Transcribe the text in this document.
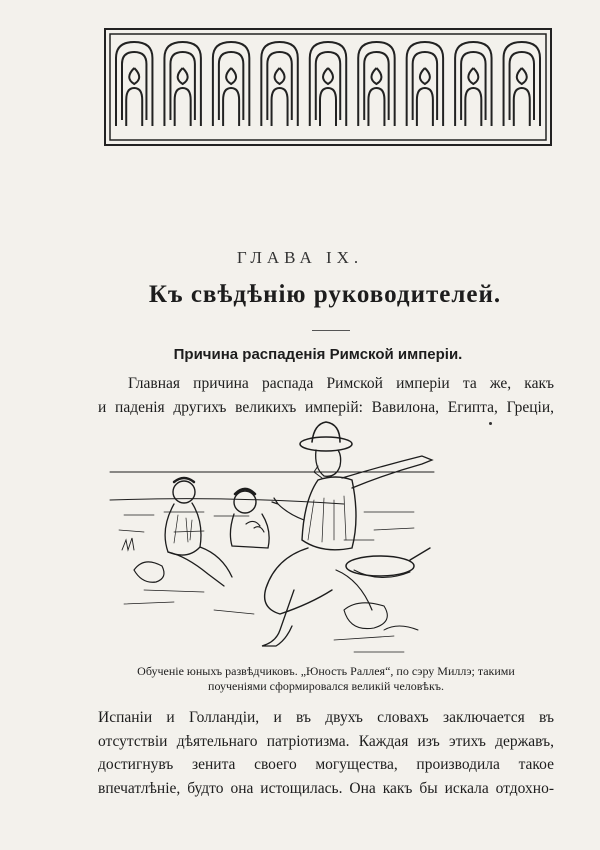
ГЛАВА IX.
Къ свѣдѣнію руководителей.
Причина распаденія Римской имперіи.
Главная причина распада Римской имперіи та же, какъ
и паденія другихъ великихъ имперій: Вавилона, Египта, Греціи,
Обученіе юныхъ развѣдчиковъ. „Юность Раллея“, по сэру Миллэ; такими
поученіями сформировался великій человѣкъ.
Испаніи и Голландіи, и въ двухъ словахъ заключается въ
отсутствіи дѣятельнаго патріотизма. Каждая изъ этихъ державъ,
достигнувъ зенита своего могущества, производила такое
впечатлѣніе, будто она истощилась. Она какъ бы искала отдохно-
